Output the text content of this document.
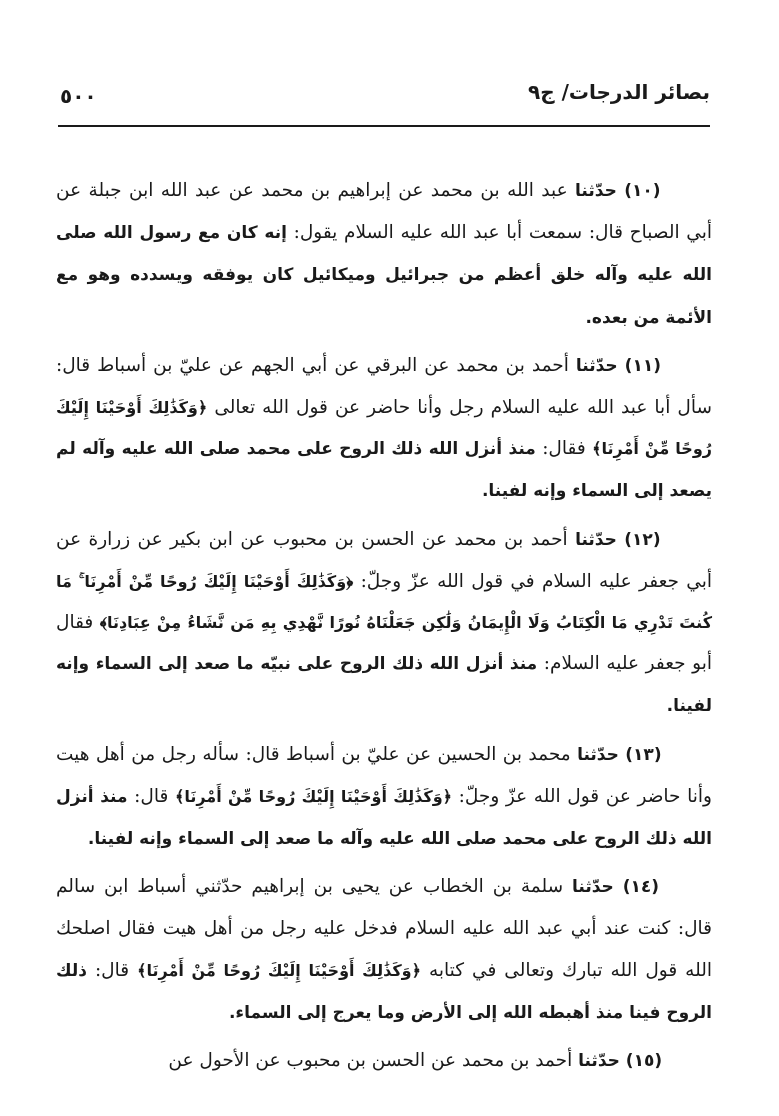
بصائر الدرجات/ ج٩
٥٠٠

(١٠) حدّثنا عبد الله بن محمد عن إبراهيم بن محمد عن عبد الله ابن جبلة عن أبي الصباح قال: سمعت أبا عبد الله عليه السلام يقول: إنه كان مع رسول الله صلى الله عليه وآله خلق أعظم من جبرائيل وميكائيل كان يوفقه ويسدده وهو مع الأئمة من بعده.

(١١) حدّثنا أحمد بن محمد عن البرقي عن أبي الجهم عن عليّ بن أسباط قال: سأل أبا عبد الله عليه السلام رجل وأنا حاضر عن قول الله تعالى ﴿وَكَذَٰلِكَ أَوْحَيْنَا إِلَيْكَ رُوحًا مِّنْ أَمْرِنَا﴾ فقال: منذ أنزل الله ذلك الروح على محمد صلى الله عليه وآله لم يصعد إلى السماء وإنه لفينا.

(١٢) حدّثنا أحمد بن محمد عن الحسن بن محبوب عن ابن بكير عن زرارة عن أبي جعفر عليه السلام في قول الله عزّ وجلّ: ﴿وَكَذَٰلِكَ أَوْحَيْنَا إِلَيْكَ رُوحًا مِّنْ أَمْرِنَا ۚ مَا كُنتَ تَدْرِي مَا الْكِتَابُ وَلَا الْإِيمَانُ وَلَٰكِن جَعَلْنَاهُ نُورًا نَّهْدِي بِهِ مَن نَّشَاءُ مِنْ عِبَادِنَا﴾ فقال أبو جعفر عليه السلام: منذ أنزل الله ذلك الروح على نبيّه ما صعد إلى السماء وإنه لفينا.

(١٣) حدّثنا محمد بن الحسين عن عليّ بن أسباط قال: سأله رجل من أهل هيت وأنا حاضر عن قول الله عزّ وجلّ: ﴿وَكَذَٰلِكَ أَوْحَيْنَا إِلَيْكَ رُوحًا مِّنْ أَمْرِنَا﴾ قال: منذ أنزل الله ذلك الروح على محمد صلى الله عليه وآله ما صعد إلى السماء وإنه لفينا.

(١٤) حدّثنا سلمة بن الخطاب عن يحيى بن إبراهيم حدّثني أسباط ابن سالم قال: كنت عند أبي عبد الله عليه السلام فدخل عليه رجل من أهل هيت فقال اصلحك الله قول الله تبارك وتعالى في كتابه ﴿وَكَذَٰلِكَ أَوْحَيْنَا إِلَيْكَ رُوحًا مِّنْ أَمْرِنَا﴾ قال: ذلك الروح فينا منذ أهبطه الله إلى الأرض وما يعرج إلى السماء.

(١٥) حدّثنا أحمد بن محمد عن الحسن بن محبوب عن الأحول عن
